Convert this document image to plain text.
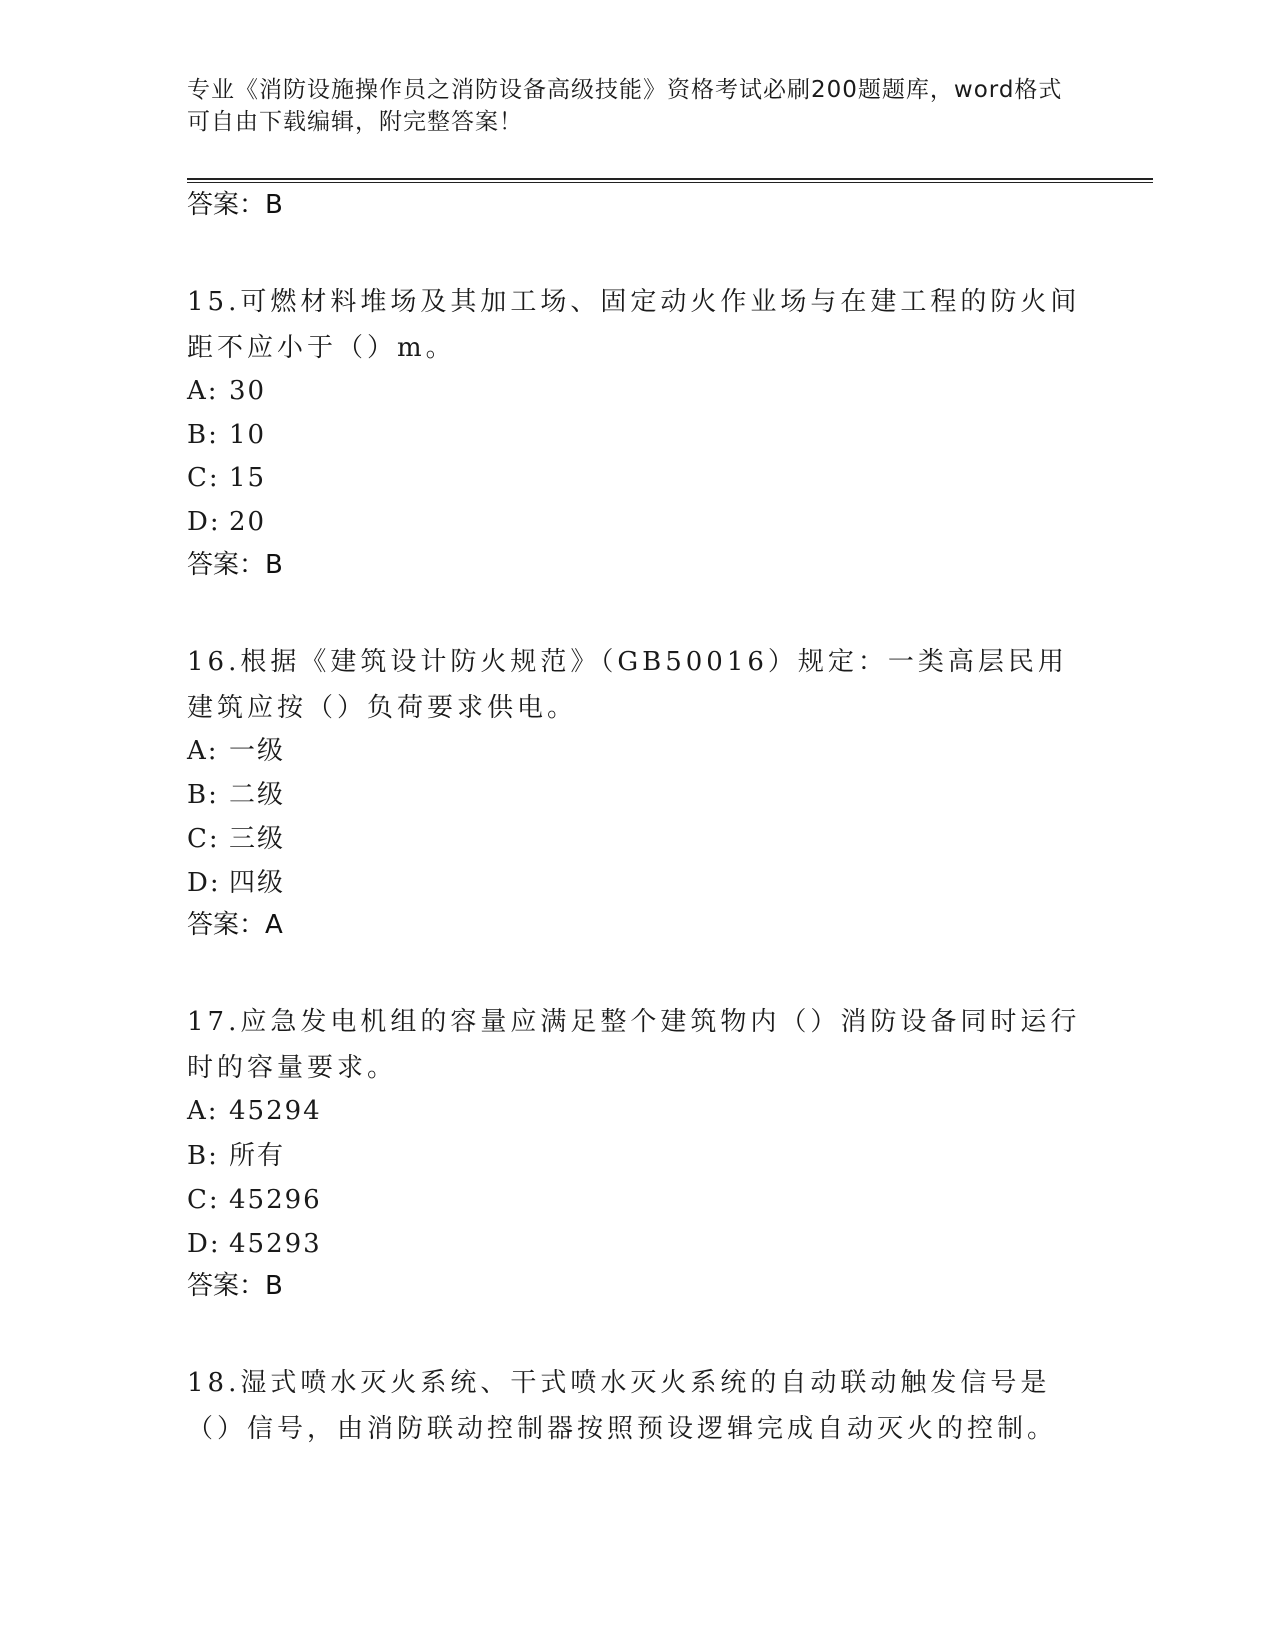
专业《消防设施操作员之消防设备高级技能》资格考试必刷200题题库，word格式可自由下载编辑，附完整答案！
答案：B
15.可燃材料堆场及其加工场、固定动火作业场与在建工程的防火间距不应小于（）m。
A: 30
B: 10
C: 15
D: 20
答案：B
16.根据《建筑设计防火规范》（GB50016）规定：一类高层民用建筑应按（）负荷要求供电。
A: 一级
B: 二级
C: 三级
D: 四级
答案：A
17.应急发电机组的容量应满足整个建筑物内（）消防设备同时运行时的容量要求。
A: 45294
B: 所有
C: 45296
D: 45293
答案：B
18.湿式喷水灭火系统、干式喷水灭火系统的自动联动触发信号是（）信号，由消防联动控制器按照预设逻辑完成自动灭火的控制。
